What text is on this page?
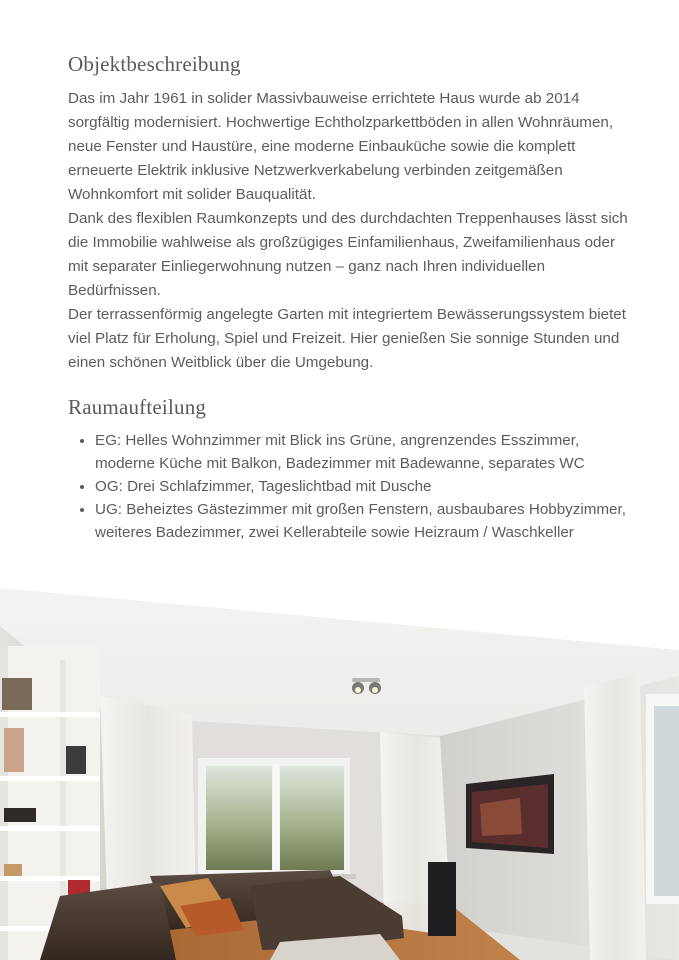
Objektbeschreibung

Das im Jahr 1961 in solider Massivbauweise errichtete Haus wurde ab 2014 sorgfältig modernisiert. Hochwertige Echtholzparkettböden in allen Wohnräumen, neue Fenster und Haustüre, eine moderne Einbauküche sowie die komplett erneuerte Elektrik inklusive Netzwerkverkabelung verbinden zeitgemäßen Wohnkomfort mit solider Bauqualität.

Dank des flexiblen Raumkonzepts und des durchdachten Treppenhauses lässt sich die Immobilie wahlweise als großzügiges Einfamilienhaus, Zweifamilienhaus oder mit separater Einliegerwohnung nutzen – ganz nach Ihren individuellen Bedürfnissen.

Der terrassenförmig angelegte Garten mit integriertem Bewässerungssystem bietet viel Platz für Erholung, Spiel und Freizeit. Hier genießen Sie sonnige Stunden und einen schönen Weitblick über die Umgebung.

Raumaufteilung
• EG: Helles Wohnzimmer mit Blick ins Grüne, angrenzendes Esszimmer, moderne Küche mit Balkon, Badezimmer mit Badewanne, separates WC
• OG: Drei Schlafzimmer, Tageslichtbad mit Dusche
• UG: Beheiztes Gästezimmer mit großen Fenstern, ausbaubares Hobbyzimmer, weiteres Badezimmer, zwei Kellerabteile sowie Heizraum / Waschkeller
